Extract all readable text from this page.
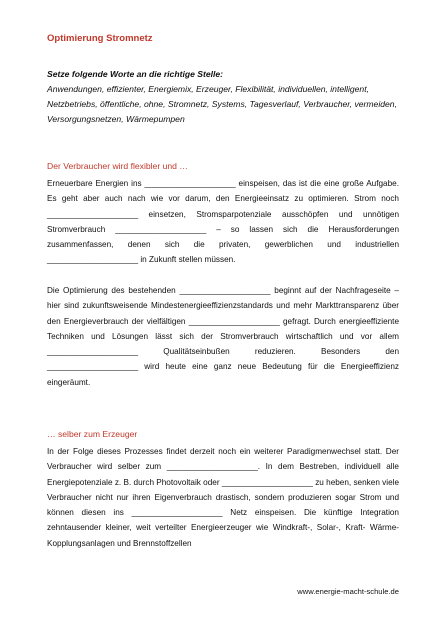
Optimierung Stromnetz
Setze folgende Worte an die richtige Stelle:
Anwendungen, effizienter, Energiemix, Erzeuger, Flexibilität, individuellen, intelligent, Netzbetriebs, öffentliche, ohne, Stromnetz, Systems, Tagesverlauf, Verbraucher, vermeiden, Versorgungsnetzen, Wärmepumpen
Der Verbraucher wird flexibler und …
Erneuerbare Energien ins ____________________ einspeisen, das ist die eine große Aufgabe. Es geht aber auch nach wie vor darum, den Energieeinsatz zu optimieren. Strom noch ____________________ einsetzen, Stromsparpotenziale ausschöpfen und unnötigen Stromverbrauch ____________________ – so lassen sich die Herausforderungen zusammenfassen, denen sich die privaten, gewerblichen und industriellen ____________________ in Zukunft stellen müssen.
Die Optimierung des bestehenden ____________________ beginnt auf der Nachfrageseite – hier sind zukunftsweisende Mindestenergieeffizienzstandards und mehr Markttransparenz über den Energieverbrauch der vielfältigen ____________________ gefragt. Durch energieeffiziente Techniken und Lösungen lässt sich der Stromverbrauch wirtschaftlich und vor allem ____________________ Qualitätseinbußen reduzieren. Besonders den ____________________ wird heute eine ganz neue Bedeutung für die Energieeffizienz eingeräumt.
… selber zum Erzeuger
In der Folge dieses Prozesses findet derzeit noch ein weiterer Paradigmenwechsel statt. Der Verbraucher wird selber zum ____________________. In dem Bestreben, individuell alle Energiepotenziale z. B. durch Photovoltaik oder ____________________ zu heben, senken viele Verbraucher nicht nur ihren Eigenverbrauch drastisch, sondern produzieren sogar Strom und können diesen ins ____________________ Netz einspeisen. Die künftige Integration zehntausender kleiner, weit verteilter Energieerzeuger wie Windkraft-, Solar-, Kraft- Wärme-Kopplungsanlagen und Brennstoffzellen
www.energie-macht-schule.de
